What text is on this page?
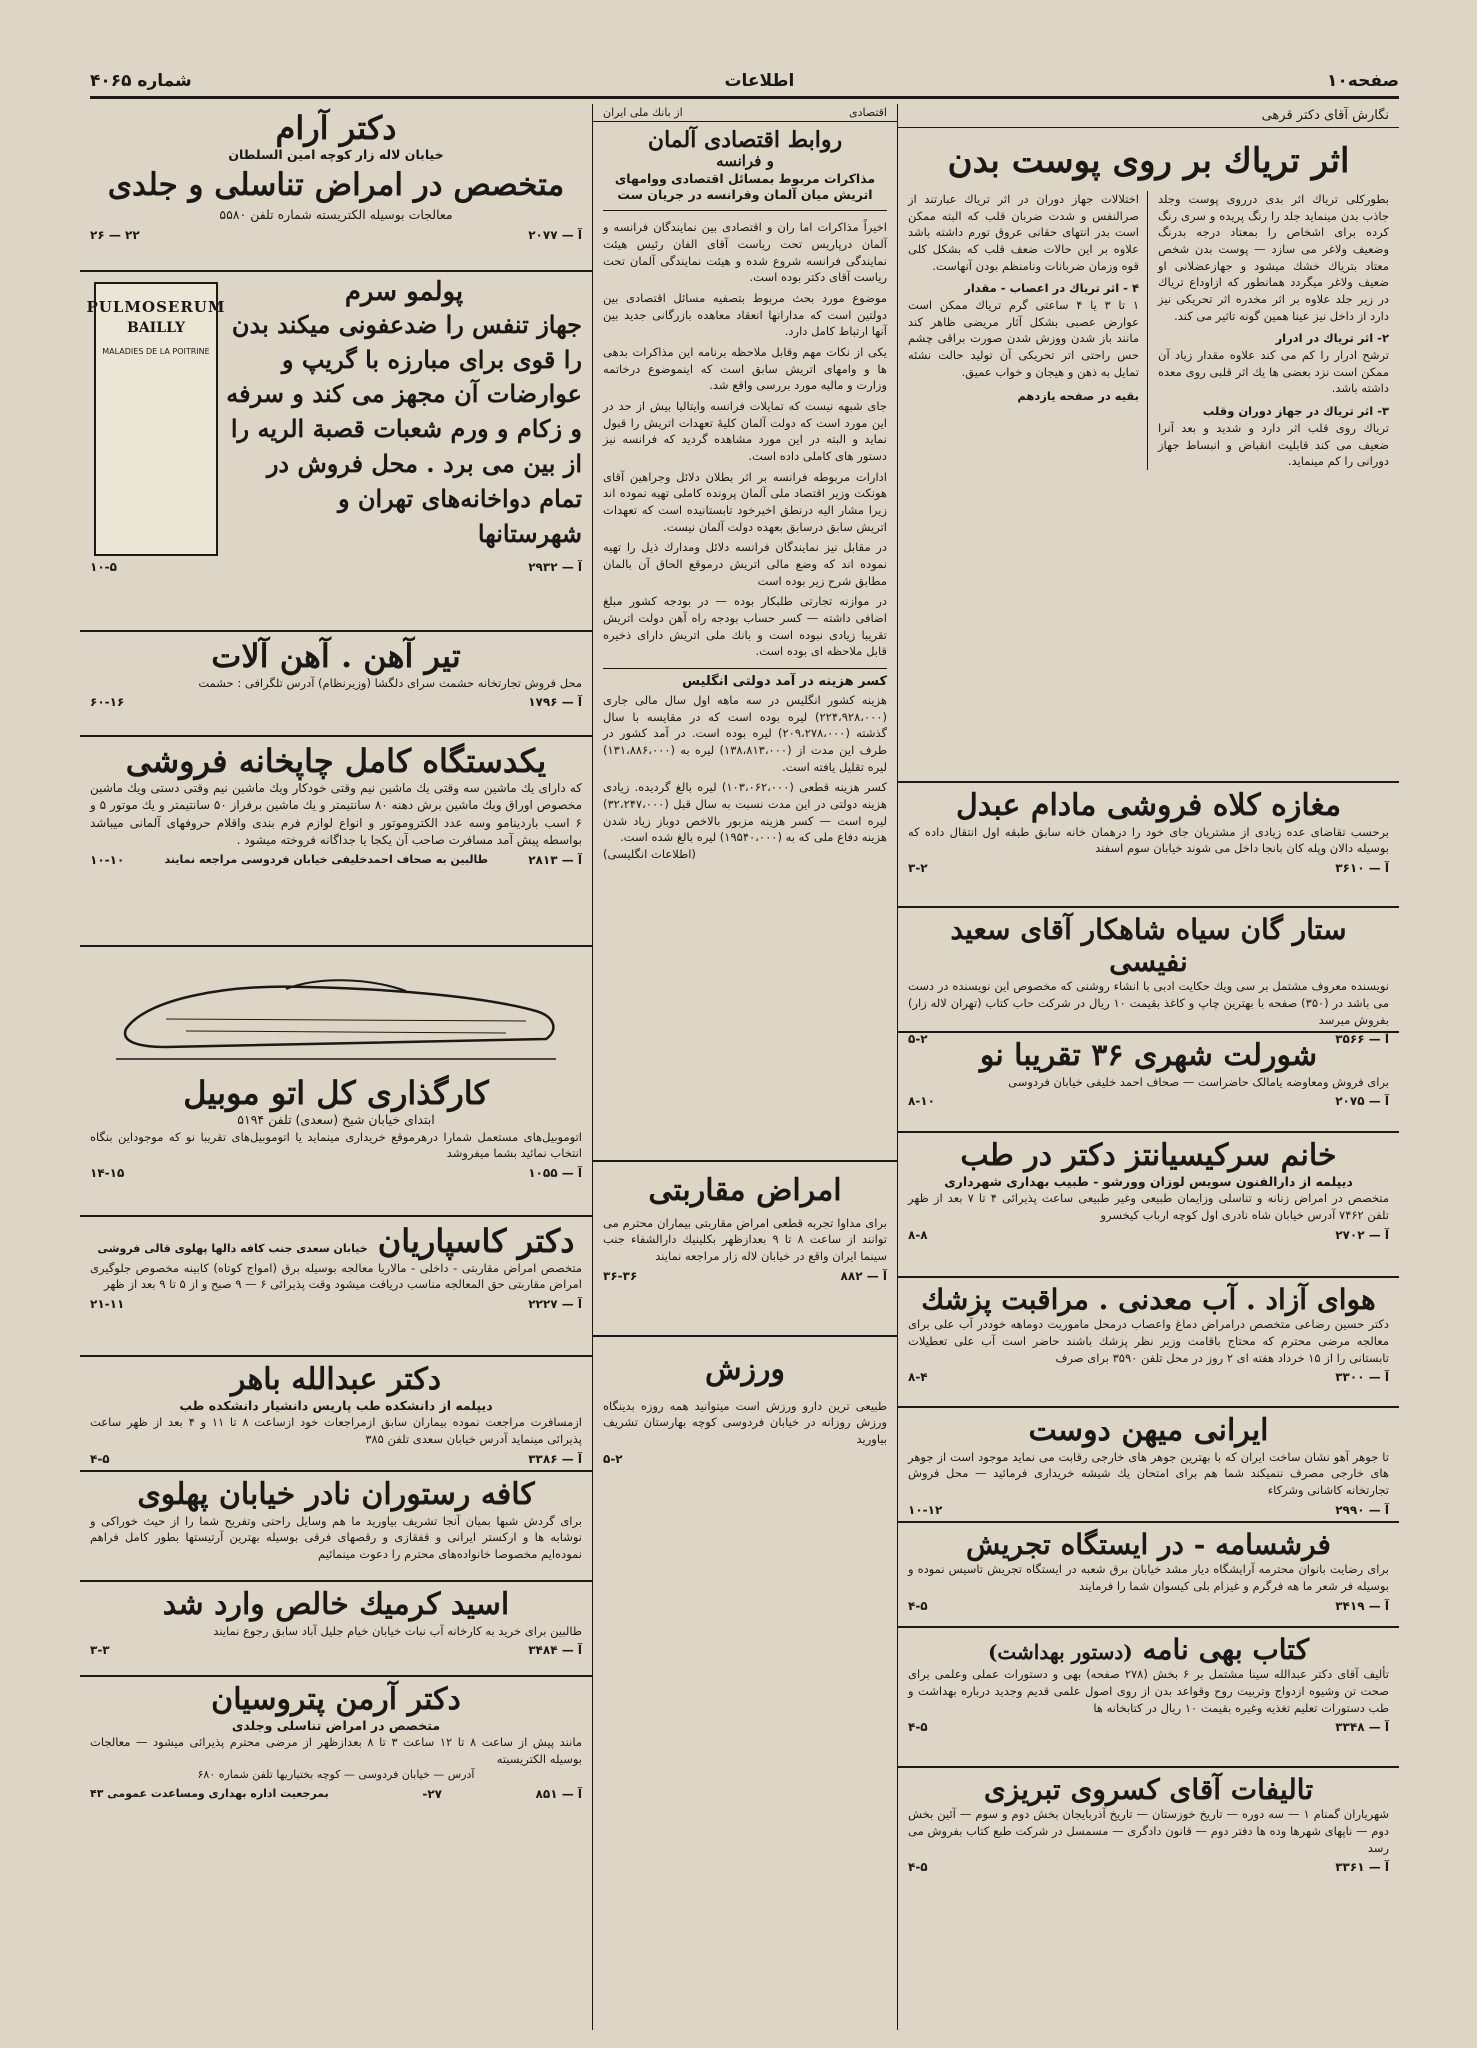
صفحه۱۰
اطلاعات
شماره ۴۰۶۵
نگارش آقای دکتر قرهی
اثر تریاك بر روی پوست بدن
بطورکلی تریاك اثر بدی درروی پوست وجلد جاذب بدن مینماید جلد را رنگ پریده و سری رنگ کرده برای اشخاص را بمعتاد درجه بدرنگ وضعیف ولاغر می سازد — پوست بدن شخص معتاد بتریاك خشك میشود و جهازعضلانی او ضعیف ولاغر میگردد همانطور که ازاوداع تریاك در زیر جلد علاوه بر اثر مخدره اثر تحریکی نیز دارد از داخل نیز عینا همین گونه تاثیر می کند.
۲- اثر تریاك در ادرار
ترشح ادرار را کم می کند علاوه مقدار زیاد آن ممکن است نزد بعضی ها یك اثر قلبی روی معده داشته باشد.
۳- اثر تریاك در جهاز دوران وقلب
تریاك روی قلب اثر دارد و شدید و بعد آنرا ضعیف می کند قابلیت انقباض و انبساط جهاز دورانی را کم مینماید.
اختلالات جهاز دوران در اثر تریاك عبارتند از صرالنفس و شدت ضربان قلب که البته ممکن است بدر انتهای حقانی عروق تورم داشته باشد علاوه بر این حالات ضعف قلب که بشکل کلی قوه وزمان ضربانات ونامنظم بودن آنهاست.
۴ - اثر تریاك در اعصاب - مقدار
۱ تا ۳ یا ۴ ساعتی گرم تریاك ممکن است عوارض عصبی بشکل آثار مریضی ظاهر کند مانند باز شدن ووزش شدن صورت براقی چشم حس راحتی اتر تحریکی آن تولید حالت نشئه تمایل به ذهن و هیجان و خواب عمیق.
بقیه در صفحه یازدهم
مغازه کلاه فروشی مادام عبدل
برحسب تقاضای عده زیادی از مشتریان جای خود را درهمان خانه سابق طبقه اول انتقال داده که بوسیله دالان وپله کان بانجا داخل می شوند خیابان سوم اسفند
آ — ۳۶۱۰
۳-۲
ستار گان سیاه شاهکار آقای سعید نفیسی
نویسنده معروف مشتمل بر سی ویك حکایت ادبی با انشاء روشنی که مخصوص این نویسنده در دست می باشد در (۳۵۰) صفحه با بهترین چاپ و کاغذ بقیمت ۱۰ ریال در شرکت حاب کتاب (تهران لاله زار) بفروش میرسد
آ — ۳۵۶۶
۵-۲	شورلت شهری ۳۶ تقریبا نو
برای فروش ومعاوضه یامالک حاضراست — صحاف احمد خلیفی خیابان فردوسی
آ — ۲۰۷۵
۸-۱۰
خانم سرکیسیانتز دکتر در طب
دیپلمه از دارالفنون سویس لوزان وورشو - طبیب بهداری شهرداری
متخصص در امراض زنانه و تناسلی وزایمان طبیعی وغیر طبیعی ساعت پذیرائی ۴ تا ۷ بعد از ظهر تلفن ۷۴۶۲ آدرس خیابان شاه نادری اول کوچه ارباب کیخسرو
آ — ۲۷۰۲
۸-۸
هوای آزاد . آب معدنی . مراقبت پزشك
دکتر حسین رضاعی متخصص درامراض دماغ واعصاب درمحل ماموریت دوماهه خوددر آب علی برای معالجه مرضی محترم که محتاج باقامت وزیر نظر پزشك باشند حاضر است آب علی تعطیلات تابستانی را از ۱۵ خرداد هفته ای ۲ روز در محل تلفن ۳۵۹۰ برای صرف
آ — ۳۳۰۰
۸-۴
ایرانی میهن دوست
تا جوهر آهو نشان ساخت ایران که با بهترین جوهر های خارجی رقابت می نماید موجود است از جوهر های خارجی مصرف ننمیکند شما هم برای امتحان یك شیشه خریداری فرمائید — محل فروش تجارتخانه کاشانی وشرکاء
آ — ۲۹۹۰
۱۰-۱۲
فرشسامه - در ایستگاه تجریش
برای رضایت بانوان محترمه آرایشگاه دیار مشد خیابان برق شعبه در ایستگاه تجریش تاسیس نموده و بوسیله فر شعر ما هه فرگرم و غیزام بلی کیسوان شما را فرمایند
آ — ۳۴۱۹
۴-۵
کتاب بهی نامه (دستور بهداشت)
تألیف آقای دکتر عبدالله سینا مشتمل بر ۶ بخش (۲۷۸ صفحه) بهی و دستورات عملی وعلمی برای صحت تن وشیوه ازدواج وتربیت روح وقواعد بدن از روی اصول علمی قدیم وجدید درباره بهداشت و طب دستورات تعلیم تغذیه وغیره بقیمت ۱۰ ریال در کتابخانه ها
آ — ۳۳۴۸
۴-۵
تالیفات آقای کسروی تبریزی
شهریاران گمنام ۱ — سه دوره — تاریخ خوزستان — تاریخ آذربایجان بخش دوم و سوم — آئین بخش دوم — ناپهای شهرها وده ها دفتر دوم — قانون دادگری — مسمسل در شرکت طبع کتاب بفروش می رسد
آ — ۳۳۶۱
۴-۵
اقتصادی
از بانك ملی ایران
روابط اقتصادی آلمان
و فرانسه
مذاکرات مربوط بمسائل اقتصادی ووامهای اتریش میان آلمان وفرانسه در جریان ست
اخیراً مذاکرات اما ران و اقتصادی بین نمایندگان فرانسه و آلمان درپاریس تحت ریاست آقای الفان رئیس هیئت نمایندگی فرانسه شروع شده و هیئت نمایندگی آلمان تحت ریاست آقای دکتر بوده است.
موضوع مورد بحث مربوط بتصفیه مسائل اقتصادی بین دولتین است که مدارانها انعقاد معاهده بازرگانی جدید بین آنها ارتباط کامل دارد.
یکی از نکات مهم وقابل ملاحظه برنامه این مذاکرات بدهی ها و وامهای اتریش سابق است که اینموضوع درخاتمه وزارت و مالیه مورد بررسی واقع شد.
جای شبهه نیست که تمایلات فرانسه وایتالیا بیش از حد در این مورد است که دولت آلمان کلیهٔ تعهدات اتریش را قبول نماید و البته در این مورد مشاهده گردید که فرانسه نیز دستور های کاملی داده است.
ادارات مربوطه فرانسه بر اثر بطلان دلائل وجراهین آقای هونکت وزیر اقتصاد ملی آلمان پرونده کاملی تهیه نموده اند زیرا مشار الیه درنطق اخیرخود تابستانیده است که تعهدات اتریش سابق درسابق بعهده دولت آلمان نیست.
در مقابل نیز نمایندگان فرانسه دلائل ومدارك ذیل را تهیه نموده اند که وضع مالی اتریش درموقع الحاق آن بالمان مطابق شرح زیر بوده است
در موازنه تجارتی طلبکار بوده — در بودجه کشور مبلغ اضافی داشته — کسر حساب بودجه راه آهن دولت اتریش تقریبا زیادی نبوده است و بانك ملی اتریش دارای ذخیره قابل ملاحظه ای بوده است.
کسر هزینه در آمد دولتی انگلیس
هزینه کشور انگلیس در سه ماهه اول سال مالی جاری (۲۲۴،۹۲۸،۰۰۰) لیره بوده است که در مقایسه با سال گذشته (۲۰۹،۲۷۸،۰۰۰) لیره بوده است. در آمد کشور در طرف این مدت از (۱۳۸،۸۱۳،۰۰۰) لیره به (۱۳۱،۸۸۶،۰۰۰) لیره تقلیل یافته است.
کسر هزینه قطعی (۱۰۳،۰۶۲،۰۰۰) لیره بالغ گردیده. زیادی هزینه دولتی در این مدت نسبت به سال قبل (۳۲،۲۴۷،۰۰۰) لیره است — کسر هزینه مزبور بالاخص دوباز زیاد شدن هزینه دفاع ملی که به (۱۹۵۴۰،۰۰۰) لیره بالغ شده است.
(اطلاعات انگلیسی)
امراض مقاربتی
برای مداوا تجربه قطعی امراض مقاربتی بیماران محترم می توانند از ساعت ۸ تا ۹ بعدازظهر بکلینیك دارالشفاء جنب سینما ایران واقع در خیابان لاله زار مراجعه نمایند
آ — ۸۸۲
۳۶-۳۶
ورزش
طبیعی ترین دارو ورزش است میتوانید همه روزه بدینگاه ورزش روزانه در خیابان فردوسی کوچه بهارستان تشریف بیاورید
۵-۲
دکتر آرام
خیابان لاله زار کوچه امین السلطان
متخصص در امراض تناسلی و جلدی
معالجات بوسیله الکتریسته شماره تلفن ۵۵۸۰
آ — ۲۰۷۷
۲۲ — ۲۶
PULMOSERUM
BAILLY
MALADIES DE LA POITRINE
پولمو سرم
جهاز تنفس را ضدعفونی میکند بدن را قوی برای مبارزه با گریپ و عوارضات آن مجهز می کند و سرفه و زکام و ورم شعبات قصبة الریه را از بین می برد . محل فروش در تمام دواخانه‌های تهران و شهرستانها
آ — ۲۹۳۲
۱۰-۵
تیر آهن . آهن آلات
محل فروش تجارتخانه حشمت سرای دلگشا (وزیرنظام) آدرس تلگرافی : حشمت
آ — ۱۷۹۶
۶۰-۱۶
یکدستگاه کامل چاپخانه فروشی
که دارای یك ماشین سه وقتی یك ماشین نیم وقتی خودکار ویك ماشین نیم وقتی دستی ویك ماشین مخصوص اوراق ویك ماشین برش دهنه ۸۰ سانتیمتر و یك ماشین برفراز ۵۰ سانتیمتر و یك موتور ۵ و ۶ اسب باردینامو وسه عدد الکتروموتور و انواع لوازم فرم بندی واقلام حروفهای آلمانی میباشد بواسطه پیش آمد مسافرت صاحب آن یکجا یا جداگانه فروخته میشود .
آ — ۲۸۱۳
طالبین به صحاف احمدخلیفی خیابان فردوسی مراجعه نمایند
۱۰-۱۰
کارگذاری کل اتو موبیل
ابتدای خیابان شیخ (سعدی) تلفن ۵۱۹۴
اتوموبیل‌های مستعمل شمارا درهرموقع خریداری مینماید یا اتوموبیل‌های تقریبا نو که موجوداین بنگاه انتخاب نمائید بشما میفروشد
آ — ۱۰۵۵
۱۴-۱۵
دکتر کاسپاریان
خیابان سعدی جنب کافه دالها پهلوی قالی فروشی
متخصص امراض مقاربتی - داخلی - مالاریا معالجه بوسیله برق (امواج کوتاه) کابینه مخصوص جلوگیری امراض مقاربتی حق المعالجه مناسب دریافت میشود وقت پذیرائی ۶ — ۹ صبح و از ۵ تا ۹ بعد از ظهر
آ — ۲۲۲۷
۲۱-۱۱
دکتر عبدالله باهر
دیپلمه از دانشکده طب پاریس دانشیار دانشکده طب
ازمسافرت مراجعت نموده بیماران سابق ازمراجعات خود ازساعت ۸ تا ۱۱ و ۴ بعد از ظهر ساعت پذیرائی مینماید آدرس خیابان سعدی تلفن ۳۸۵
آ — ۳۳۸۶
۴-۵
کافه رستوران نادر خیابان پهلوی
برای گردش شبها بمیان آنجا تشریف بیاورید ما هم وسایل راحتی وتفریح شما را از حیث خوراکی و نوشابه ها و ارکستر ایرانی و قفقازی و رقصهای فرقی بوسیله بهترین آرتیستها بطور کامل فراهم نموده‌ایم مخصوصا خانواده‌های محترم را دعوت مینمائیم
اسید کرمیك خالص وارد شد
طالبین برای خرید به کارخانه آب نبات خیابان خیام جلیل آباد سابق رجوع نمایند
آ — ۳۴۸۴
۳-۳
دکتر آرمن پتروسیان
متخصص در امراض تناسلی وجلدی
مانند پیش از ساعت ۸ تا ۱۲ ساعت ۳ تا ۸ بعدازظهر از مرضی محترم پذیرائی میشود — معالجات بوسیله الکتریسیته
آدرس — خیابان فردوسی — کوچه بختیاریها تلفن شماره ۶۸۰
آ — ۸۵۱
۲۷-
بمرجعیت اداره بهداری ومساعدت عمومی ۴۳
